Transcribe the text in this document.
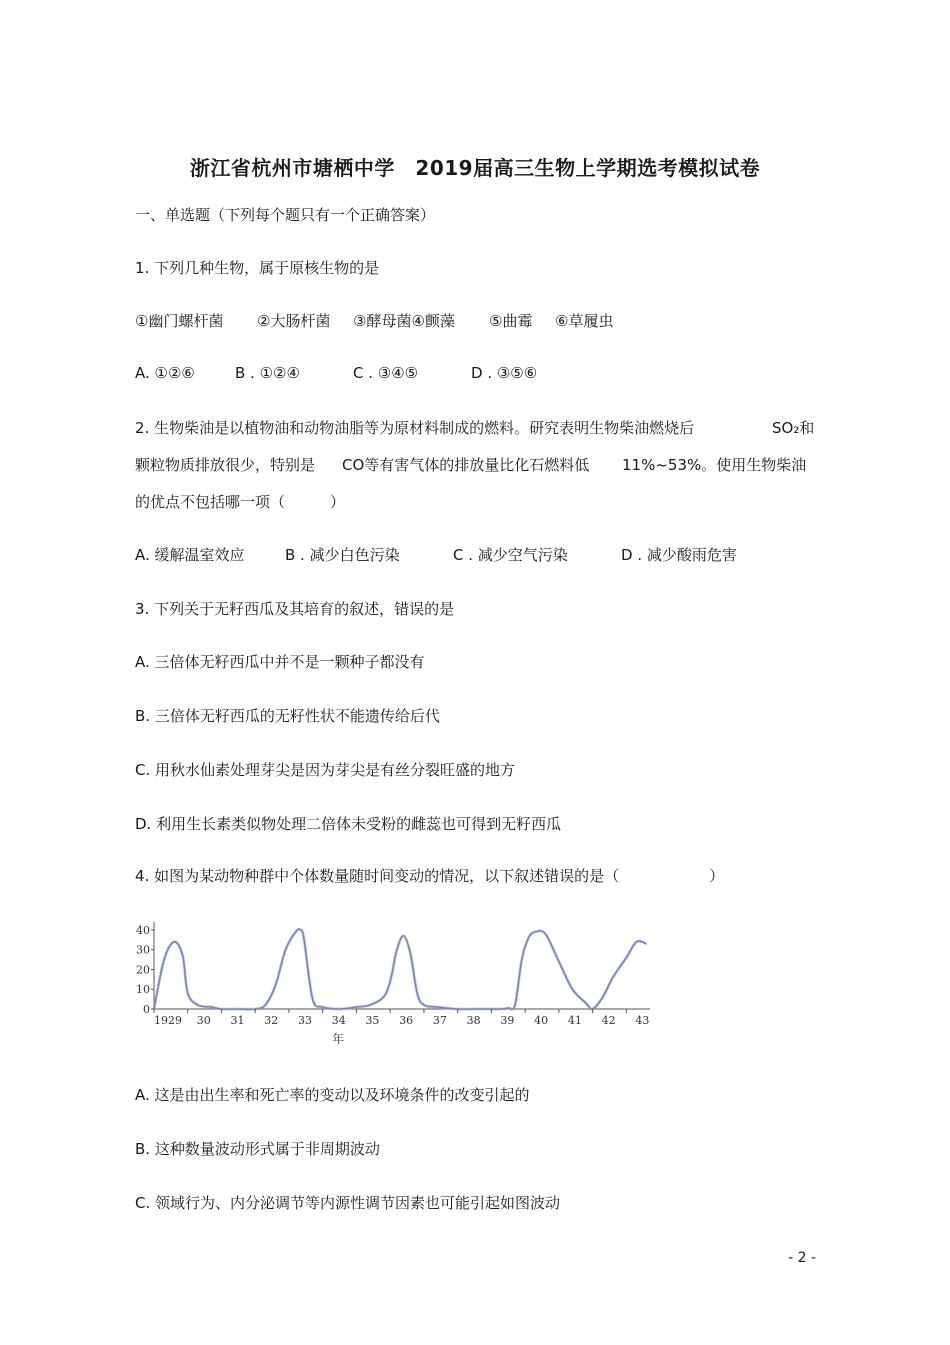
浙江省杭州市塘栖中学　2019届高三生物上学期选考模拟试卷
一、单选题（下列每个题只有一个正确答案）
1. 下列几种生物，属于原核生物的是
①幽门螺杆菌 ②大肠杆菌 ③酵母菌④颤藻 ⑤曲霉 ⑥草履虫
A. ①②⑥	B . ①②④	C . ③④⑤	D . ③⑤⑥
2. 生物柴油是以植物油和动物油脂等为原材料制成的燃料。研究表明生物柴油燃烧后	SO₂和
颗粒物质排放很少，特别是 CO等有害气体的排放量比化石燃料低 11%~53%。使用生物柴油
的优点不包括哪一项（　　　）
A. 缓解温室效应	B . 减少白色污染	C . 减少空气污染	D . 减少酸雨危害
3. 下列关于无籽西瓜及其培育的叙述，错误的是
A. 三倍体无籽西瓜中并不是一颗种子都没有
B. 三倍体无籽西瓜的无籽性状不能遗传给后代
C. 用秋水仙素处理芽尖是因为芽尖是有丝分裂旺盛的地方
D. 利用生长素类似物处理二倍体未受粉的雌蕊也可得到无籽西瓜
4. 如图为某动物种群中个体数量随时间变动的情况，以下叙述错误的是（　　　　　　）
0
10
20
30
40
1929 30 31 32 33 34 35 36 37 38 39 40 41 42 43
年
A. 这是由出生率和死亡率的变动以及环境条件的改变引起的
B. 这种数量波动形式属于非周期波动
C. 领域行为、内分泌调节等内源性调节因素也可能引起如图波动
- 2 -
